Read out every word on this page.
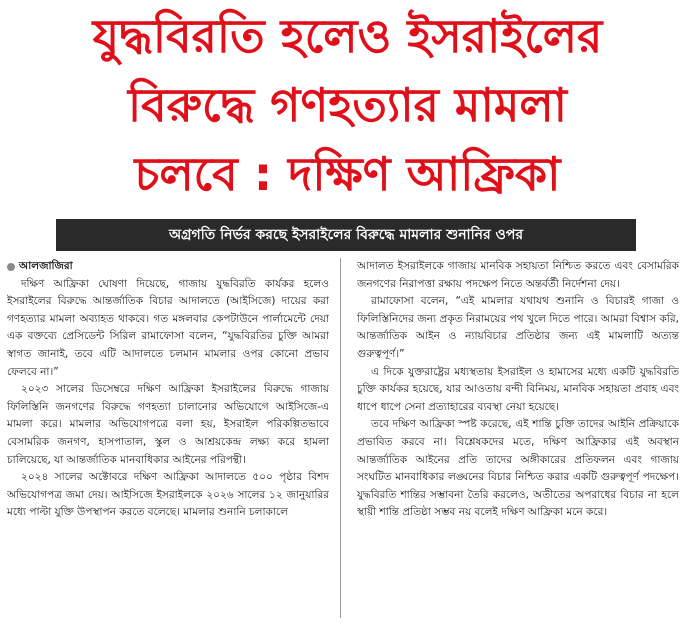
যুদ্ধবিরতি হলেও ইসরাইলের
বিরুদ্ধে গণহত্যার মামলা
চলবে : দক্ষিণ আফ্রিকা
অগ্রগতি নির্ভর করছে ইসরাইলের বিরুদ্ধে মামলার শুনানির ওপর
আলজাজিরা

দক্ষিণ আফ্রিকা ঘোষণা দিয়েছে, গাজায় যুদ্ধবিরতি কার্যকর হলেও ইসরাইলের বিরুদ্ধে আন্তর্জাতিক বিচার আদালতে (আইসিজে) দায়ের করা গণহত্যার মামলা অব্যাহত থাকবে। গত মঙ্গলবার কেপটাউনে পার্লামেন্টে দেয়া এক বক্তব্যে প্রেসিডেন্ট সিরিল রামাফোসা বলেন, “যুদ্ধবিরতির চুক্তি আমরা স্বাগত জানাই, তবে এটি আদালতে চলমান মামলার ওপর কোনো প্রভাব ফেলবে না।”

২০২৩ সালের ডিসেম্বরে দক্ষিণ আফ্রিকা ইসরাইলের বিরুদ্ধে গাজায় ফিলিস্তিনি জনগণের বিরুদ্ধে গণহত্যা চালানোর অভিযোগে আইসিজে-এ মামলা করে। মামলার অভিযোগপত্রে বলা হয়, ইসরাইল পরিকল্পিতভাবে বেসামরিক জনগণ, হাসপাতাল, স্কুল ও আশ্রয়কেন্দ্র লক্ষ্য করে হামলা চালিয়েছে, যা আন্তর্জাতিক মানবাধিকার আইনের পরিপন্থী।

২০২৪ সালের অক্টোবরে দক্ষিণ আফ্রিকা আদালতে ৫০০ পৃষ্ঠার বিশদ অভিযোগপত্র জমা দেয়। আইসিজে ইসরাইলকে ২০২৬ সালের ১২ জানুয়ারির মধ্যে পাল্টা যুক্তি উপস্থাপন করতে বলেছে। মামলার শুনানি চলাকালে

আদালত ইসরাইলকে গাজায় মানবিক সহায়তা নিশ্চিত করতে এবং বেসামরিক জনগণের নিরাপত্তা রক্ষায় পদক্ষেপ নিতে অন্তর্বর্তী নির্দেশনা দেয়।

রামাফোসা বলেন, “এই মামলার যথাযথ শুনানি ও বিচারই গাজা ও ফিলিস্তিনিদের জন্য প্রকৃত নিরাময়ের পথ খুলে দিতে পারে। আমরা বিশ্বাস করি, আন্তর্জাতিক আইন ও ন্যায়বিচার প্রতিষ্ঠার জন্য এই মামলাটি অত্যন্ত গুরুত্বপূর্ণ।”

এ দিকে যুক্তরাষ্ট্রের মধ্যস্থতায় ইসরাইল ও হামাসের মধ্যে একটি যুদ্ধবিরতি চুক্তি কার্যকর হয়েছে, যার আওতায় বন্দী বিনিময়, মানবিক সহায়তা প্রবাহ এবং ধাপে ধাপে সেনা প্রত্যাহারের ব্যবস্থা নেয়া হয়েছে।

তবে দক্ষিণ আফ্রিকা স্পষ্ট করেছে, এই শান্তি চুক্তি তাদের আইনি প্রক্রিয়াকে প্রভাবিত করবে না। বিশ্লেষকদের মতে, দক্ষিণ আফ্রিকার এই অবস্থান আন্তর্জাতিক আইনের প্রতি তাদের অঙ্গীকারের প্রতিফলন এবং গাজায় সংঘটিত মানবাধিকার লঙ্ঘনের বিচার নিশ্চিত করার একটি গুরুত্বপূর্ণ পদক্ষেপ। যুদ্ধবিরতি শান্তির সম্ভাবনা তৈরি করলেও, অতীতের অপরাধের বিচার না হলে স্থায়ী শান্তি প্রতিষ্ঠা সম্ভব নয় বলেই দক্ষিণ আফ্রিকা মনে করে।
